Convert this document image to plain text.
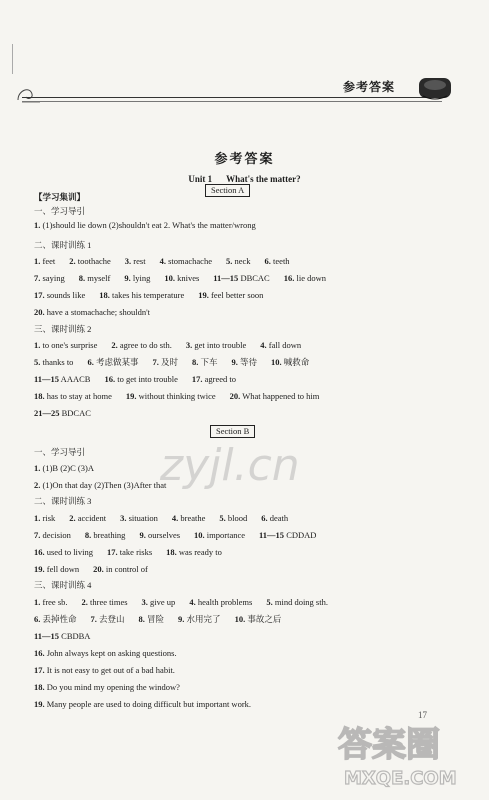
参考答案
参考答案
Unit 1 What's the matter?
【学习集训】
Section A
一、学习导引
1. (1)should lie down (2)shouldn't eat 2. What's the matter/wrong
二、课时训练 1
1. feet 2. toothache 3. rest 4. stomachache 5. neck 6. teeth
7. saying 8. myself 9. lying 10. knives 11—15 DBCAC 16. lie down
17. sounds like 18. takes his temperature 19. feel better soon
20. have a stomachache; shouldn't
三、课时训练 2
1. to one's surprise 2. agree to do sth. 3. get into trouble 4. fall down
5. thanks to 6. 考虑做某事 7. 及时 8. 下车 9. 等待 10. 喊救命
11—15 AAACB 16. to get into trouble 17. agreed to
18. has to stay at home 19. without thinking twice 20. What happened to him
21—25 BDCAC
Section B
一、学习导引
1. (1)B (2)C (3)A
2. (1)On that day (2)Then (3)After that
二、课时训练 3
1. risk 2. accident 3. situation 4. breathe 5. blood 6. death
7. decision 8. breathing 9. ourselves 10. importance 11—15 CDDAD
16. used to living 17. take risks 18. was ready to
19. fell down 20. in control of
三、课时训练 4
1. free sb. 2. three times 3. give up 4. health problems 5. mind doing sth.
6. 丢掉性命 7. 去登山 8. 冒险 9. 水用完了 10. 事故之后
11—15 CBDBA
16. John always kept on asking questions.
17. It is not easy to get out of a bad habit.
18. Do you mind my opening the window?
19. Many people are used to doing difficult but important work.
zyjl.cn
17
答案圈
MXQE.COM
